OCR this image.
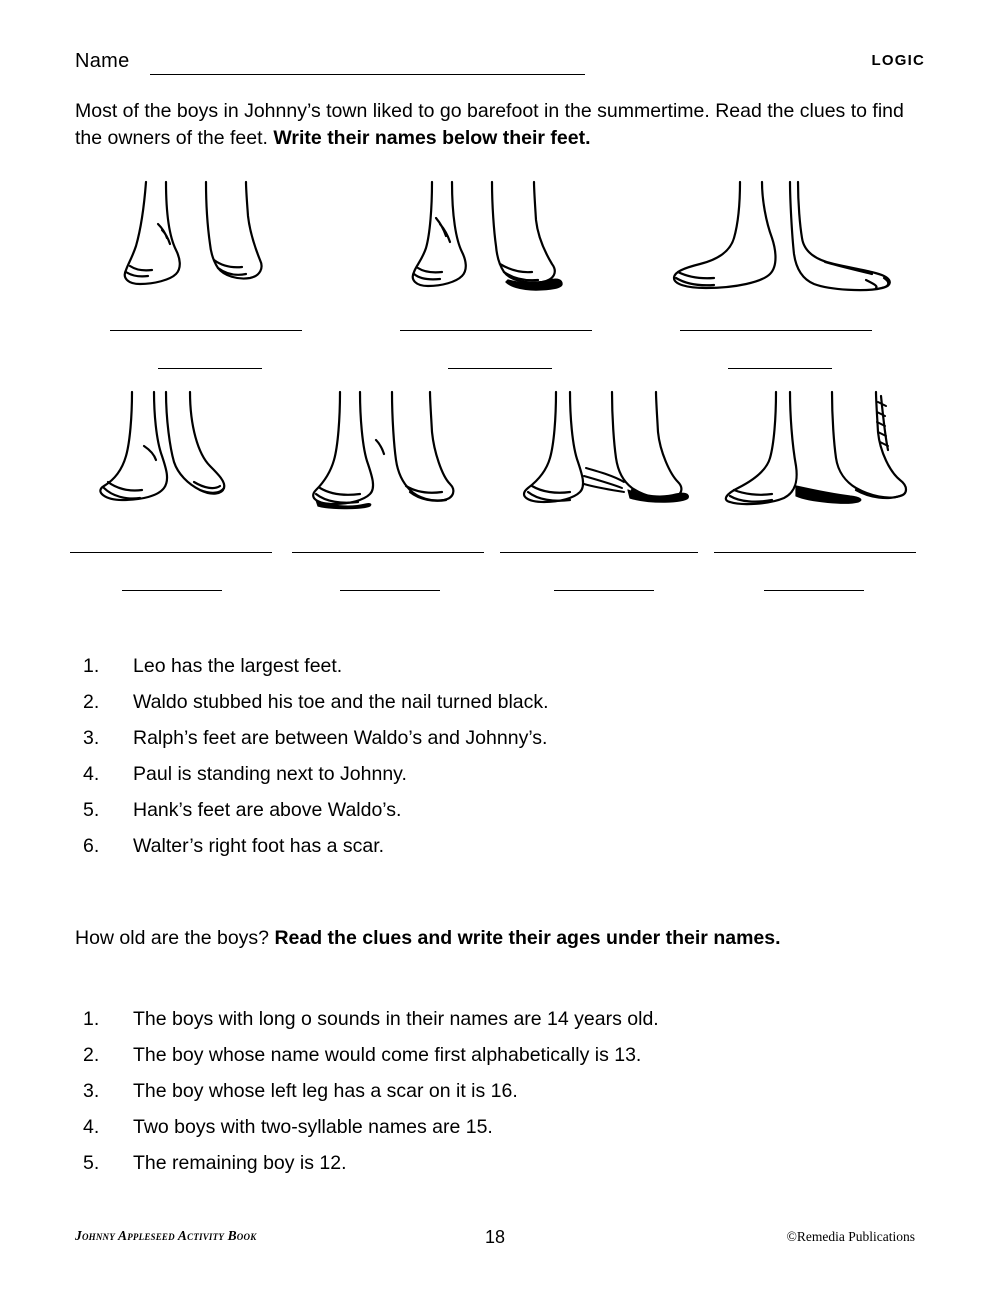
Name	LOGIC
Most of the boys in Johnny’s town liked to go barefoot in the summertime. Read the clues to find the owners of the feet. Write their names below their feet.
1.	Leo has the largest feet.
2.	Waldo stubbed his toe and the nail turned black.
3.	Ralph’s feet are between Waldo’s and Johnny’s.
4.	Paul is standing next to Johnny.
5.	Hank’s feet are above Waldo’s.
6.	Walter’s right foot has a scar.
How old are the boys? Read the clues and write their ages under their names.
1.	The boys with long o sounds in their names are 14 years old.
2.	The boy whose name would come first alphabetically is 13.
3.	The boy whose left leg has a scar on it is 16.
4.	Two boys with two-syllable names are 15.
5.	The remaining boy is 12.
Johnny Appleseed Activity Book	18	©Remedia Publications
